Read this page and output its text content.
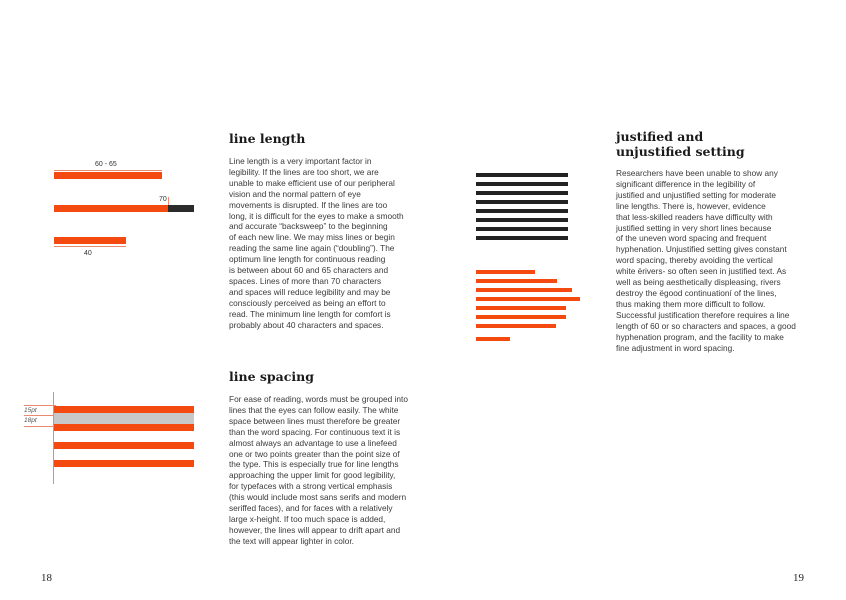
60 - 65
70
40
line length
Line length is a very important factor in
legibility. If the lines are too short, we are
unable to make efficient use of our peripheral
vision and the normal pattern of eye
movements is disrupted. If the lines are too
long, it is difficult for the eyes to make a smooth
and accurate “backsweep” to the beginning
of each new line. We may miss lines or begin
reading the same line again (“doubling”). The
optimum line length for continuous reading
is between about 60 and 65 characters and
spaces. Lines of more than 70 characters
and spaces will reduce legibility and may be
consciously perceived as being an effort to
read. The minimum line length for comfort is
probably about 40 characters and spaces.
15pt
18pt
line spacing
For ease of reading, words must be grouped into
lines that the eyes can follow easily. The white
space between lines must therefore be greater
than the word spacing. For continuous text it is
almost always an advantage to use a linefeed
one or two points greater than the point size of
the type. This is especially true for line lengths
approaching the upper limit for good legibility,
for typefaces with a strong vertical emphasis
(this would include most sans serifs and modern
seriffed faces), and for faces with a relatively
large x-height. If too much space is added,
however, the lines will appear to drift apart and
the text will appear lighter in color.
18
justified and
unjustified setting
Researchers have been unable to show any
significant difference in the legibility of
justified and unjustified setting for moderate
line lengths. There is, however, evidence
that less-skilled readers have difficulty with
justified setting in very short lines because
of the uneven word spacing and frequent
hyphenation. Unjustified setting gives constant
word spacing, thereby avoiding the vertical
white ërivers‑ so often seen in justified text. As
well as being aesthetically displeasing, rivers
destroy the ëgood continuationí of the lines,
thus making them more difficult to follow.
Successful justification therefore requires a line
length of 60 or so characters and spaces, a good
hyphenation program, and the facility to make
fine adjustment in word spacing.
19
